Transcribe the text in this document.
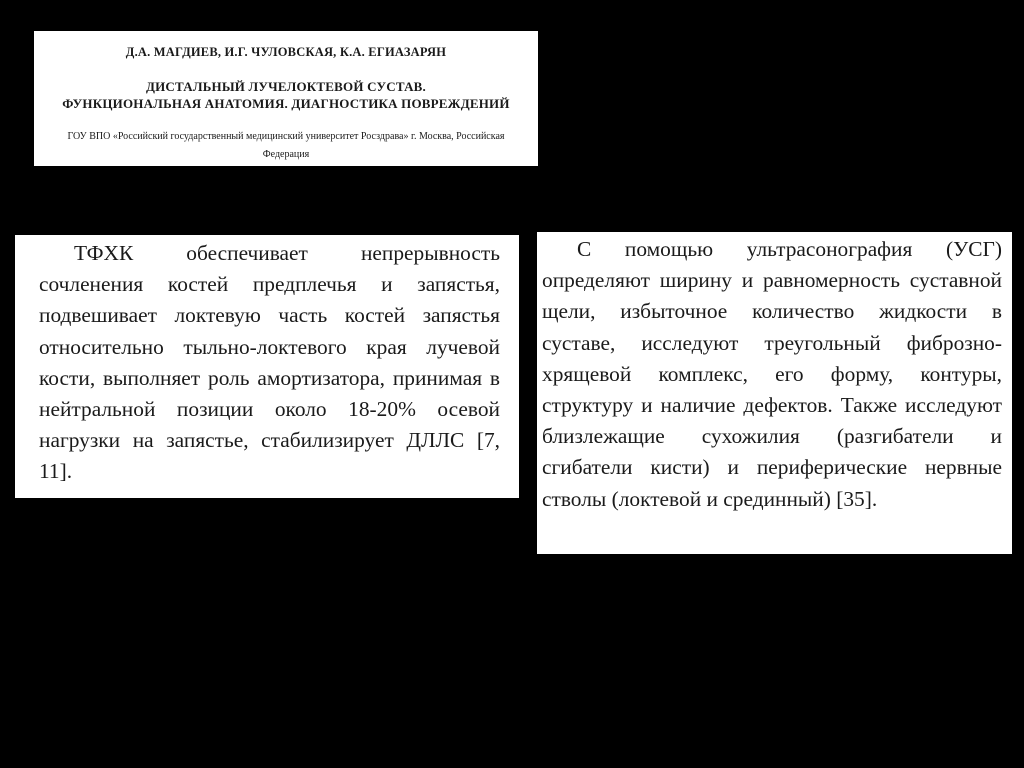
Д.А. МАГДИЕВ, И.Г. ЧУЛОВСКАЯ, К.А. ЕГИАЗАРЯН
ДИСТАЛЬНЫЙ ЛУЧЕЛОКТЕВОЙ СУСТАВ.
ФУНКЦИОНАЛЬНАЯ АНАТОМИЯ. ДИАГНОСТИКА ПОВРЕЖДЕНИЙ
ГОУ ВПО «Российский государственный медицинский университет Росздрава» г. Москва, Российская Федерация
ТФХК обеспечивает непрерывность сочленения костей предплечья и запястья, подвешивает локтевую часть костей запястья относительно тыльно-локтевого края лучевой кости, выполняет роль амортизатора, принимая в нейтральной позиции около 18-20% осевой нагрузки на запястье, стабилизирует ДЛЛС [7, 11].
С помощью ультрасонография (УСГ) определяют ширину и равномерность суставной щели, избыточное количество жидкости в суставе, исследуют треугольный фиброзно-хрящевой комплекс, его форму, контуры, структуру и наличие дефектов. Также исследуют близлежащие сухожилия (разгибатели и сгибатели кисти) и периферические нервные стволы (локтевой и срединный) [35].
